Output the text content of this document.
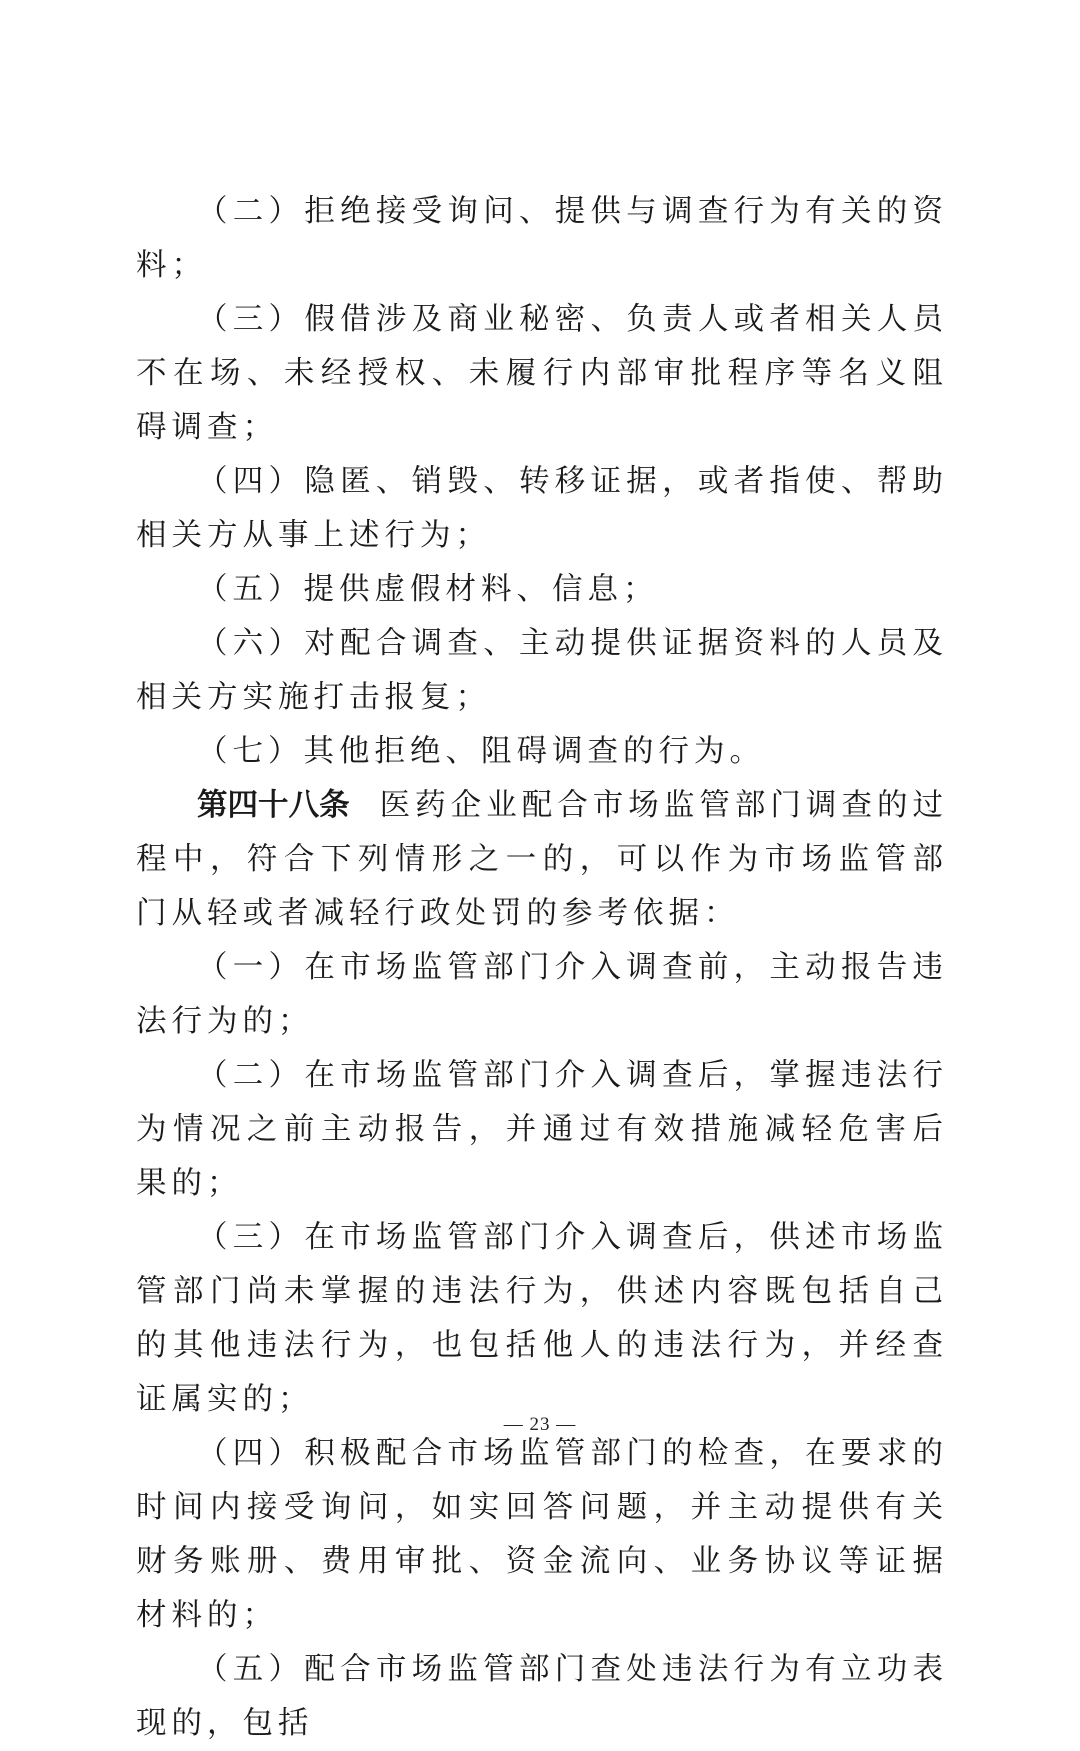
（二）拒绝接受询问、提供与调查行为有关的资料；

（三）假借涉及商业秘密、负责人或者相关人员不在场、未经授权、未履行内部审批程序等名义阻碍调查；

（四）隐匿、销毁、转移证据，或者指使、帮助相关方从事上述行为；

（五）提供虚假材料、信息；

（六）对配合调查、主动提供证据资料的人员及相关方实施打击报复；

（七）其他拒绝、阻碍调查的行为。

第四十八条 医药企业配合市场监管部门调查的过程中，符合下列情形之一的，可以作为市场监管部门从轻或者减轻行政处罚的参考依据：

（一）在市场监管部门介入调查前，主动报告违法行为的；

（二）在市场监管部门介入调查后，掌握违法行为情况之前主动报告，并通过有效措施减轻危害后果的；

（三）在市场监管部门介入调查后，供述市场监管部门尚未掌握的违法行为，供述内容既包括自己的其他违法行为，也包括他人的违法行为，并经查证属实的；

（四）积极配合市场监管部门的检查，在要求的时间内接受询问，如实回答问题，并主动提供有关财务账册、费用审批、资金流向、业务协议等证据材料的；

（五）配合市场监管部门查处违法行为有立功表现的，包括

— 23 —
